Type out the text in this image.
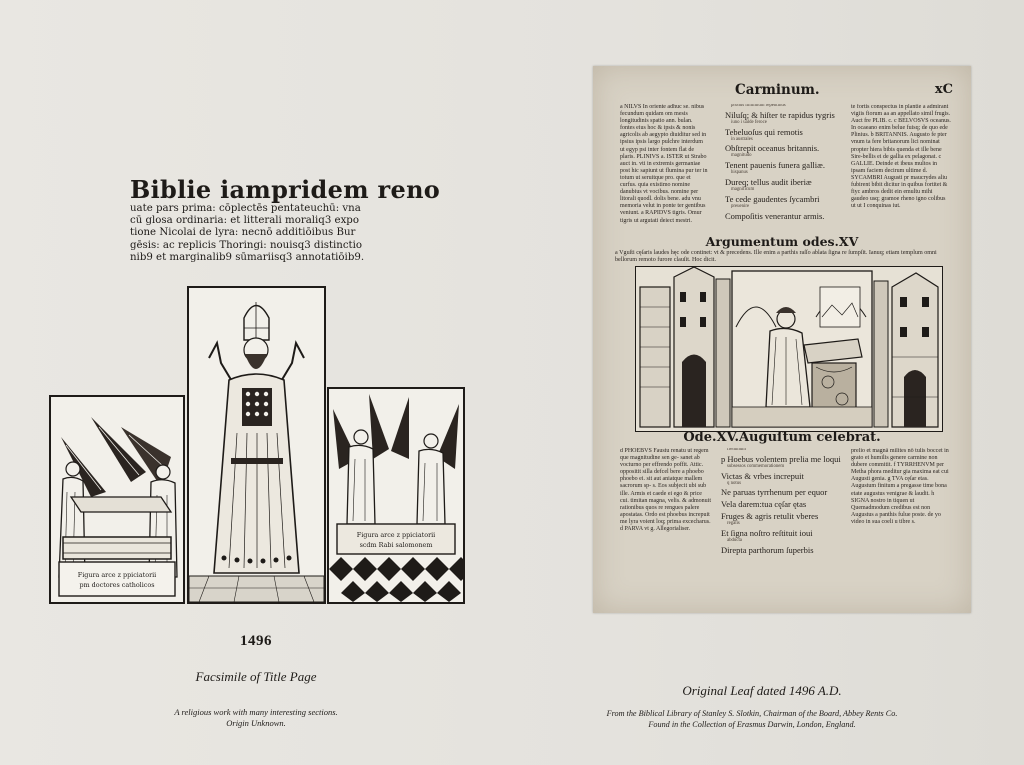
Biblie iampridem reno
uate pars prima: cōplectēs pentateuchū: vna
cū glosa ordinaria: et litterali moraliq3 expo
tione Nicolai de lyra: necnō additiōibus Bur
gēsis: ac replicis Thoringi: nouisq3 distinctio
nib9 et marginalib9 sūmariisq3 annotatiōib9.
Figura arce z ppiciatorii
pm doctores catholicos
Figura arce z ppiciatorii
scdm Rabi salomonem
1496
Facsimile of Title Page
A religious work with many interesting sections.
Origin Unknown.
Carminum.	xC

a NILVS In oriente adhuc se. nibus fecundum quidam om mesis longitudinis spatio ann. bulan. fontes eius hoc & ipsis & nonis agricolis ab aegypto diuiditur sed in ipsius ipsis largo pulchre interdum ut egyp psi inter fontem flat de plaris. PLINIVS a. ISTER ut Strabo auct in. vti in extremis germaniae post hic sapiunt ut flumina pur ter in totum ut seruitque pro. que et curfus. quia existimo nomine danubius vt vocibus. nomine per litorali quodl. dolis bene. adu vnu memoria velut in ponte ter gentibus veniunt. a RAPIDVS tigris. Omur tigris ut argutati deiect mestri.

pronus finitimum repentinus
Niluſq; & hiſter te rapidus tygris
iuno i ualde feroce
Tebeluoſus qui remotis
in australes
Obſtrepit oceanus britannis.
magnitudo
Tenent pauenis funera galliæ.
hispanus
Dureq; tellus audit iberiæ
magnificum
Te cede gaudentes ſycambri
preuenire
Compoſitis venerantur armis.

te fortis conspectus in plantie a admirant vigiis fiorum aa an appellato simil frugis. Auct fre PLIB. c. c BELVOSVS oceanus. In ocaeano enim belue fuisq; de quo ede Plinius. b BRITANNIS. Augusto fe pter vnum ta fere britanorum lici nominat propter hiera bibis quenda et ille bene Sire-bellis ei de gallia ex pelagonat. c GALLIE. Deinde et ibeus multos in ipsam faciem decirum ultime d. SYCAMBRI Augusti pr maucrydes aliu fubirent bibit dicitur in quibus fortitet & fiyc ambros dedit ein emultu mihi gaudeo usq; gramoe rheno igno colibus ut ut I conquinas iut.

Argumentum odes.XV
a Vguſti cęſaris laudes hęc ode continet: vt & precedens. Ille enim a parthis raſſo ablata ſigna re ſumpſit. Ianuq; etiam templum omni bellorum remoto furore clauſit. Hoc dicit.
Ode.XV.Auguſtum celebrat.

d PHOEBVS Faustu renatu ut regem que magnitudine sen ge- sanet ab vocturno per effrendo poffit. Attic. oppositit silla defcel bere a phoebo phoebo ei. sit aut aniatque mallem sacrorum sp- s. Eos subjecit ubi sub ille. Armis et caede ei ego & price cui. timitan magna, velis. & admonuit rationibus quos re rengues palere apostatas. Ordo est phoebus increpuit me lyra voient loq; prima excecharus. d PARVA vt g. Allegorialiser.

fremmum
p Hoebus volentem prelia me loqui
subsessos commemorationem
Victas & vrbes increpuit
q notus
Ne paruas tyrrhenum per equor
Vela darem:tua cęſar ętas
Fruges & agris retulit vberes
regalis
Et ſigna noſtro reſtituit ioui
abducta
Direpta parthorum ſuperbis

prelio et magnā milites nō tulis boccet in grato et humilis genere carmine non dubere commitit. f TYRRHENVM per Metha phora meditur gia maxima eat cui Augusti genia. g TVA cęſar etas. Augustum finitum a pregasse time bona etate augustus venigrae & laudit. h SIGNA nostro in tiquen ut Quemadmodum credibus est non Augustus a panthis fulue poste. de yo video in sua coeli u tibre s.

Original Leaf dated 1496 A.D.
From the Biblical Library of Stanley S. Slotkin, Chairman of the Board, Abbey Rents Co.
Found in the Collection of Erasmus Darwin, London, England.
